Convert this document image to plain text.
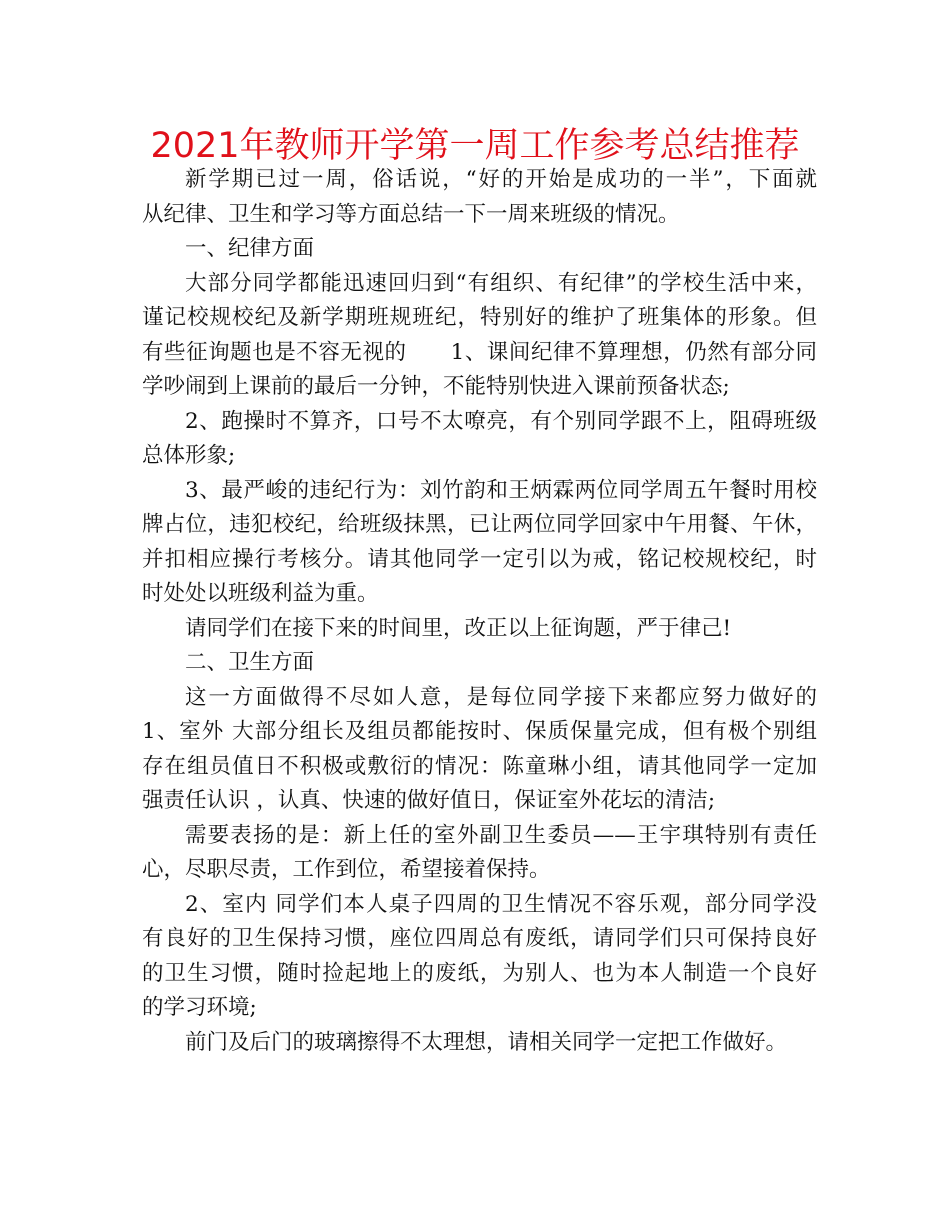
2021年教师开学第一周工作参考总结推荐
新学期已过一周，俗话说，“好的开始是成功的一半”，下面就
从纪律、卫生和学习等方面总结一下一周来班级的情况。
一、纪律方面
大部分同学都能迅速回归到“有组织、有纪律”的学校生活中来，
谨记校规校纪及新学期班规班纪，特别好的维护了班集体的形象。但
有些征询题也是不容无视的　　1、课间纪律不算理想，仍然有部分同
学吵闹到上课前的最后一分钟，不能特别快进入课前预备状态;
2、跑操时不算齐，口号不太嘹亮，有个别同学跟不上，阻碍班级
总体形象;
3、最严峻的违纪行为：刘竹韵和王炳霖两位同学周五午餐时用校
牌占位，违犯校纪，给班级抹黑，已让两位同学回家中午用餐、午休，
并扣相应操行考核分。请其他同学一定引以为戒，铭记校规校纪，时
时处处以班级利益为重。
请同学们在接下来的时间里，改正以上征询题，严于律己!
二、卫生方面
这一方面做得不尽如人意，是每位同学接下来都应努力做好的
1、室外 大部分组长及组员都能按时、保质保量完成，但有极个别组
存在组员值日不积极或敷衍的情况：陈童琳小组，请其他同学一定加
强责任认识 ，认真、快速的做好值日，保证室外花坛的清洁;
需要表扬的是：新上任的室外副卫生委员——王宇琪特别有责任
心，尽职尽责，工作到位，希望接着保持。
2、室内 同学们本人桌子四周的卫生情况不容乐观，部分同学没
有良好的卫生保持习惯，座位四周总有废纸，请同学们只可保持良好
的卫生习惯，随时捡起地上的废纸，为别人、也为本人制造一个良好
的学习环境;
前门及后门的玻璃擦得不太理想，请相关同学一定把工作做好。
